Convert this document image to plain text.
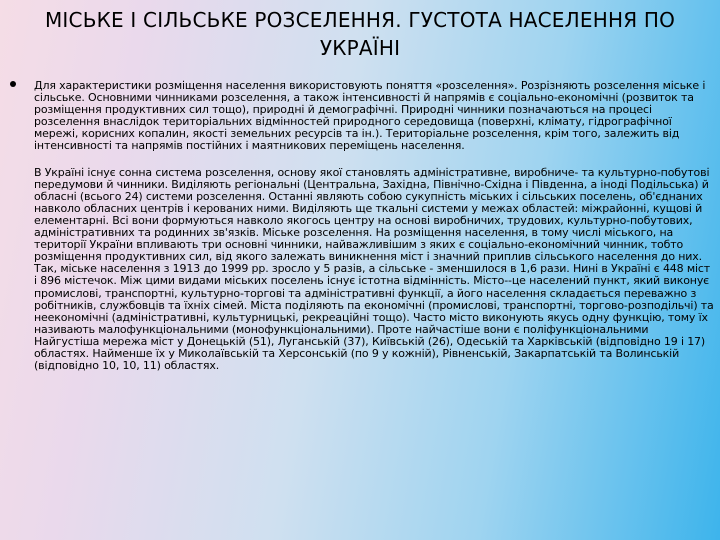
МІСЬКЕ І СІЛЬСЬКЕ РОЗСЕЛЕННЯ. ГУСТОТА НАСЕЛЕННЯ ПО УКРАЇНІ

Для характеристики розміщення населення використовують поняття «розселення». Розрізняють розселення міське і сільське. Основними чинниками розселення, а також інтенсивності й напрямів є соціально-економічні (розвиток та розміщення продуктивних сил тощо), природні й демографічні. Природні чинники позначаються на процесі розселення внаслідок територіальних відмінностей природного середовища (поверхні, клімату, гідрографічної мережі, корисних копалин, якості земельних ресурсів та ін.). Територіальне розселення, крім того, залежить від інтенсивності та напрямів постійних і маятникових переміщень населення.

В Україні існує сонна система розселення, основу якої становлять адміністративне, виробниче- та культурно-побутові передумови й чинники. Виділяють регіональні (Центральна, Західна, Північно-Східна і Південна, а іноді Подільська) й обласні (всього 24) системи розселення. Останні являють собою сукупність міських і сільських поселень, об'єднаних навколо обласних центрів і керованих ними. Виділяють ще ткальні системи у межах областей: міжрайонні, кущові й елементарні. Всі вони формуються навколо якогось центру на основі виробничих, трудових, культурно-побутових, адміністративних та родинних зв'язків. Міське розселення. На розміщення населення, в тому числі міського, на території України впливають три основні чинники, найважливішим з яких є соціально-економічний чинник, тобто розміщення продуктивних сил, від якого залежать виникнення міст і значний приплив сільського населення до них. Так, міське населення з 1913 до 1999 рр. зросло у 5 разів, а сільське - зменшилося в 1,6 рази. Нині в Україні є 448 міст і 896 містечок. Між цими видами міських поселень існує істотна відмінність. Місто--це населений пункт, який виконує промислові, транспортні, культурно-торгові та адміністративні функції, а його населення складається переважно з робітників, службовців та їхніх сімей. Міста поділяють па економічні (промислові, транспортні, торгово-розподільчі) та неекономічні (адміністративні, культурницькі, рекреаційні тощо). Часто місто виконують якусь одну функцію, тому їх називають малофункціональними (монофункціональними). Проте найчастіше вони є поліфункціональними Найгустіша мережа міст у Донецькій (51), Луганській (37), Київській (26), Одеській та Харківській (відповідно 19 і 17) областях. Найменше їх у Миколаївській та Херсонській (по 9 у кожній), Рівненській, Закарпатській та Волинській (відповідно 10, 10, 11) областях.
